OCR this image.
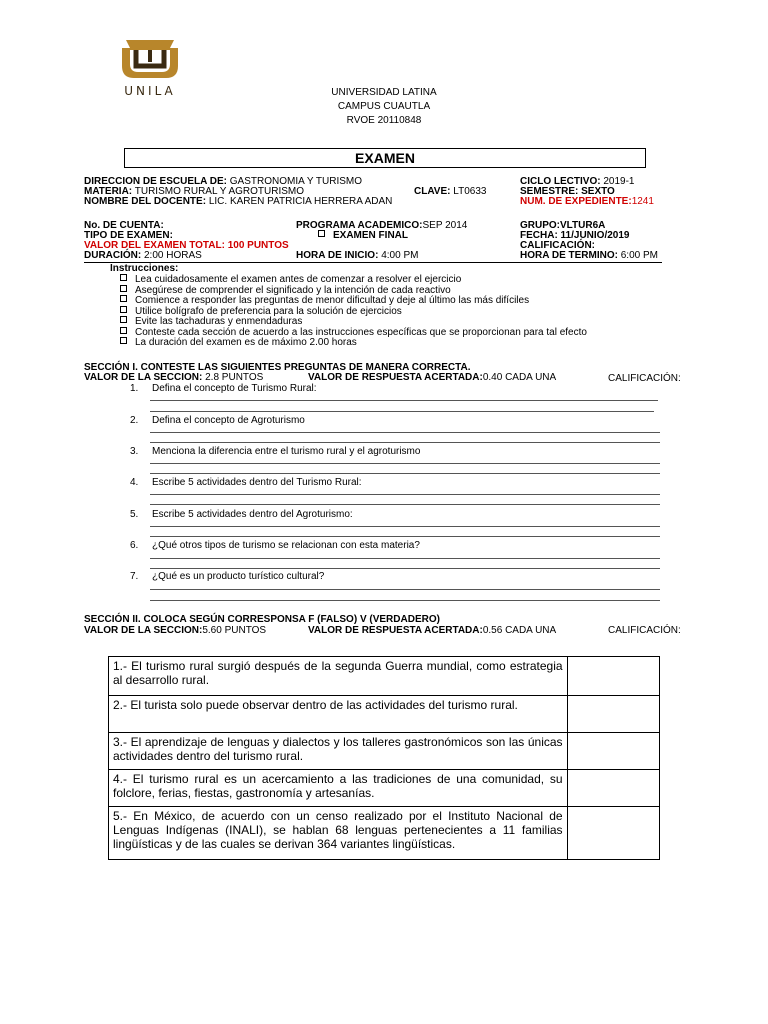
UNILA	UNIVERSIDAD LATINA
CAMPUS CUAUTLA
RVOE 20110848
EXAMEN
DIRECCION DE ESCUELA DE: GASTRONOMIA Y TURISMO	CICLO LECTIVO: 2019-1
MATERIA: TURISMO RURAL Y AGROTURISMO	CLAVE: LT0633	SEMESTRE: SEXTO
NOMBRE DEL DOCENTE: LIC. KAREN PATRICIA HERRERA ADAN	NUM. DE EXPEDIENTE:1241
No. DE CUENTA:	PROGRAMA ACADEMICO:SEP 2014	GRUPO:VLTUR6A
TIPO DE EXAMEN:	EXAMEN FINAL	FECHA: 11/JUNIO/2019
VALOR DEL EXAMEN TOTAL: 100 PUNTOS	CALIFICACIÓN:
DURACIÓN: 2:00 HORAS	HORA DE INICIO: 4:00 PM	HORA DE TERMINO: 6:00 PM
Instrucciones:
Lea cuidadosamente el examen antes de comenzar a resolver el ejercicio
Asegúrese de comprender el significado y la intención de cada reactivo
Comience a responder las preguntas de menor dificultad y deje al último las más difíciles
Utilice bolígrafo de preferencia para la solución de ejercicios
Evite las tachaduras y enmendaduras
Conteste cada sección de acuerdo a las instrucciones específicas que se proporcionan para tal efecto
La duración del examen es de máximo 2.00 horas
SECCIÓN I. CONTESTE LAS SIGUIENTES PREGUNTAS DE MANERA CORRECTA.
VALOR DE LA SECCION: 2.8 PUNTOS	VALOR DE RESPUESTA ACERTADA:0.40 CADA UNA	CALIFICACIÓN:
1. Defina el concepto de Turismo Rural:
2. Defina el concepto de Agroturismo
3. Menciona la diferencia entre el turismo rural y el agroturismo
4. Escribe 5 actividades dentro del Turismo Rural:
5. Escribe 5 actividades dentro del Agroturismo:
6. ¿Qué otros tipos de turismo se relacionan con esta materia?
7. ¿Qué es un producto turístico cultural?
SECCIÓN II. COLOCA SEGÚN CORRESPONSA F (FALSO) V (VERDADERO)
VALOR DE LA SECCION:5.60 PUNTOS	VALOR DE RESPUESTA ACERTADA:0.56 CADA UNA	CALIFICACIÓN:
1.- El turismo rural surgió después de la segunda Guerra mundial, como estrategia al desarrollo rural.	
2.- El turista solo puede observar dentro de las actividades del turismo rural.	
3.- El aprendizaje de lenguas y dialectos y los talleres gastronómicos son las únicas actividades dentro del turismo rural.	
4.- El turismo rural es un acercamiento a las tradiciones de una comunidad, su folclore, ferias, fiestas, gastronomía y artesanías.	
5.- En México, de acuerdo con un censo realizado por el Instituto Nacional de Lenguas Indígenas (INALI), se hablan 68 lenguas pertenecientes a 11 familias lingüísticas y de las cuales se derivan 364 variantes lingüísticas.	
